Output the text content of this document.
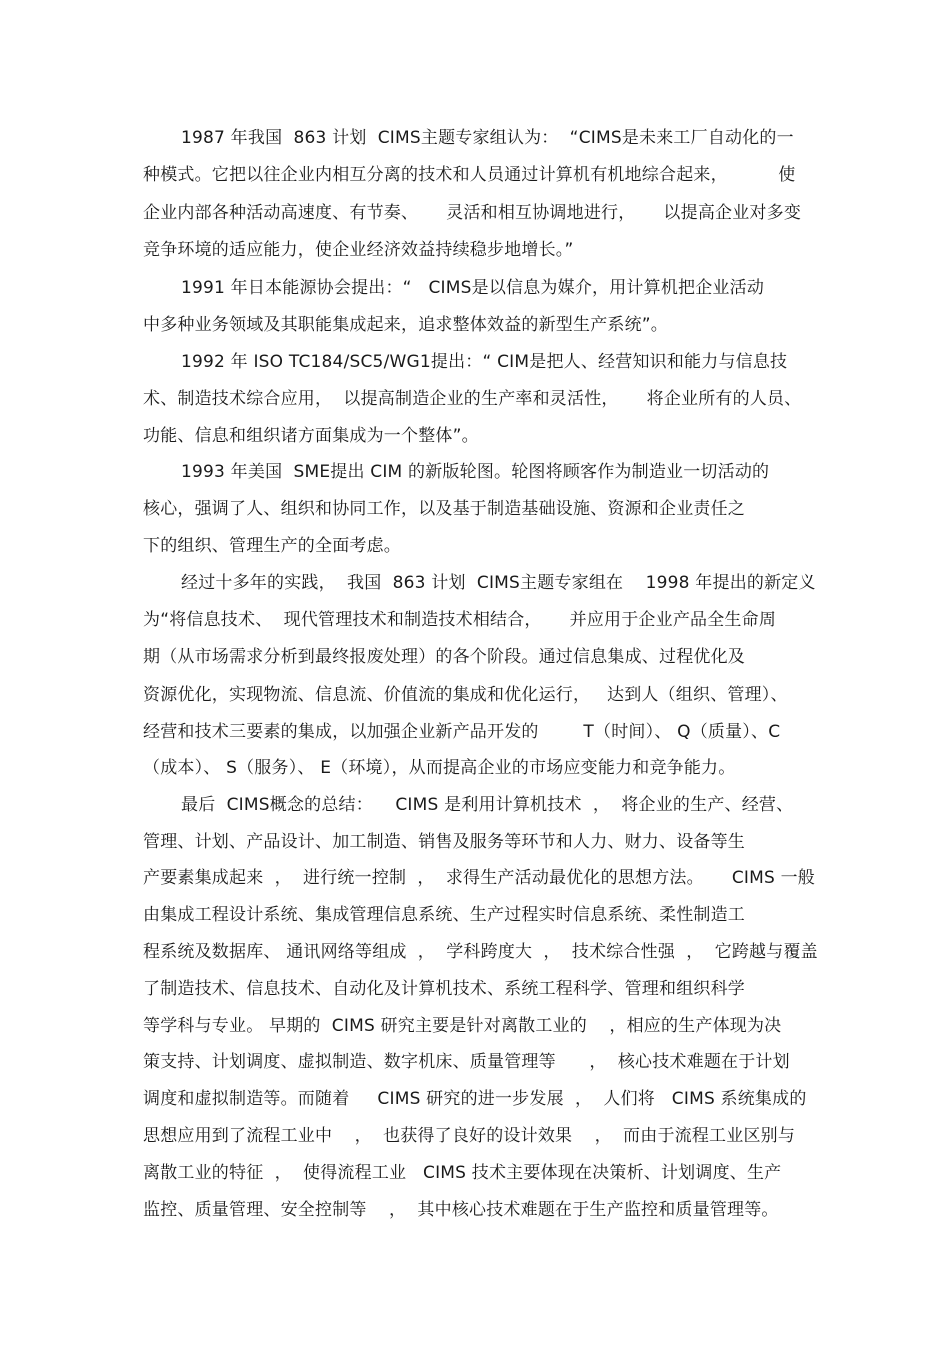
1987 年我国  863 计划  CIMS主题专家组认为：  “CIMS是未来工厂自动化的一
种模式。它把以往企业内相互分离的技术和人员通过计算机有机地综合起来，         使
企业内部各种活动高速度、有节奏、     灵活和相互协调地进行，     以提高企业对多变
竞争环境的适应能力，使企业经济效益持续稳步地增长。”
1991 年日本能源协会提出：“   CIMS是以信息为媒介，用计算机把企业活动
中多种业务领域及其职能集成起来，追求整体效益的新型生产系统”。
1992 年 ISO TC184/SC5/WG1提出：“ CIM是把人、经营知识和能力与信息技
术、制造技术综合应用，  以提高制造企业的生产率和灵活性，     将企业所有的人员、
功能、信息和组织诸方面集成为一个整体”。
1993 年美国  SME提出 CIM 的新版轮图。轮图将顾客作为制造业一切活动的
核心，强调了人、组织和协同工作，以及基于制造基础设施、资源和企业责任之
下的组织、管理生产的全面考虑。
经过十多年的实践，  我国  863 计划  CIMS主题专家组在    1998 年提出的新定义
为“将信息技术、  现代管理技术和制造技术相结合，     并应用于企业产品全生命周
期（从市场需求分析到最终报废处理）的各个阶段。通过信息集成、过程优化及
资源优化，实现物流、信息流、价值流的集成和优化运行，   达到人（组织、管理）、
经营和技术三要素的集成，以加强企业新产品开发的        T（时间）、 Q（质量）、C
（成本）、 S（服务）、 E（环境），从而提高企业的市场应变能力和竞争能力。
最后  CIMS概念的总结：    CIMS 是利用计算机技术  ，  将企业的生产、经营、
管理、计划、产品设计、加工制造、销售及服务等环节和人力、财力、设备等生
产要素集成起来  ，  进行统一控制  ，  求得生产活动最优化的思想方法。     CIMS 一般
由集成工程设计系统、集成管理信息系统、生产过程实时信息系统、柔性制造工
程系统及数据库、 通讯网络等组成  ，  学科跨度大  ，  技术综合性强  ，  它跨越与覆盖
了制造技术、信息技术、自动化及计算机技术、系统工程科学、管理和组织科学
等学科与专业。 早期的  CIMS 研究主要是针对离散工业的    ，相应的生产体现为决
策支持、计划调度、虚拟制造、数字机床、质量管理等      ，  核心技术难题在于计划
调度和虚拟制造等。而随着     CIMS 研究的进一步发展  ，  人们将   CIMS 系统集成的
思想应用到了流程工业中    ，  也获得了良好的设计效果    ，  而由于流程工业区别与
离散工业的特征  ，  使得流程工业   CIMS 技术主要体现在决策析、计划调度、生产
监控、质量管理、安全控制等    ，  其中核心技术难题在于生产监控和质量管理等。
